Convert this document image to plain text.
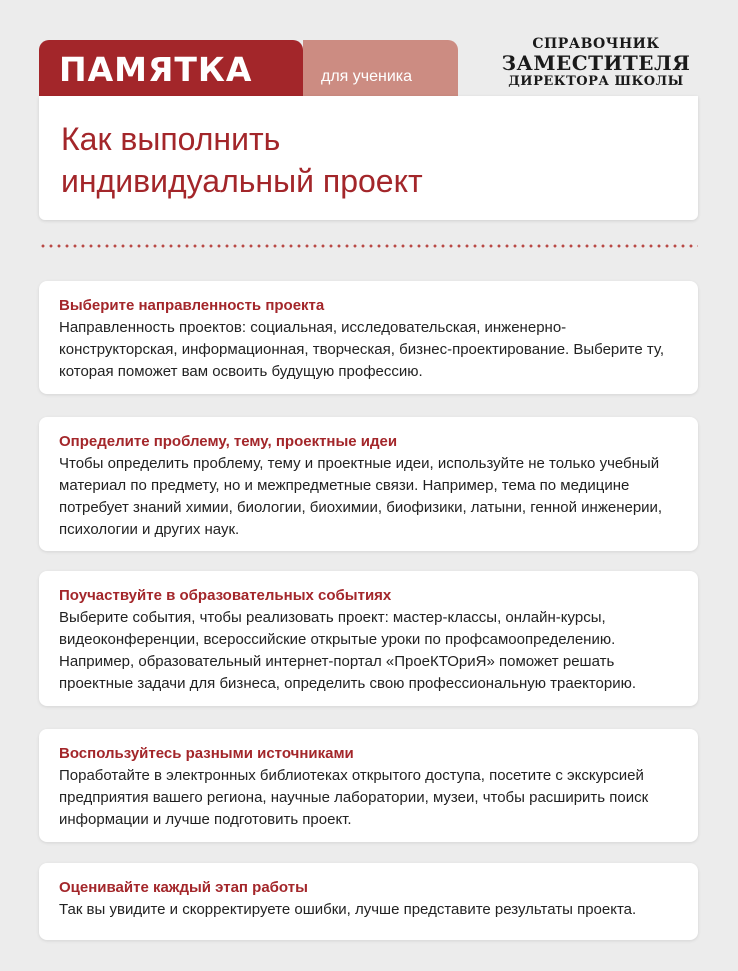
ПАМЯТКА	для ученика
СПРАВОЧНИК
ЗАМЕСТИТЕЛЯ
ДИРЕКТОРА ШКОЛЫ
Как выполнить
индивидуальный проект
Выберите направленность проекта

Направленность проектов: социальная, исследовательская, инженерно-конструкторская, информационная, творческая, бизнес-проектирование. Выберите ту, которая поможет вам освоить будущую профессию.

Определите проблему, тему, проектные идеи

Чтобы определить проблему, тему и проектные идеи, используйте не только учебный материал по предмету, но и межпредметные связи. Например, тема по медицине потребует знаний химии, биологии, биохимии, биофизики, латыни, генной инженерии, психологии и других наук.

Поучаствуйте в образовательных событиях

Выберите события, чтобы реализовать проект: мастер-классы, онлайн-курсы, видеоконференции, всероссийские открытые уроки по профсамоопределению. Например, образовательный интернет-портал «ПроеКТОриЯ» поможет решать проектные задачи для бизнеса, определить свою профессиональную траекторию.

Воспользуйтесь разными источниками

Поработайте в электронных библиотеках открытого доступа, посетите с экскурсией предприятия вашего региона, научные лаборатории, музеи, чтобы расширить поиск информации и лучше подготовить проект.

Оценивайте каждый этап работы

Так вы увидите и скорректируете ошибки, лучше представите результаты проекта.
